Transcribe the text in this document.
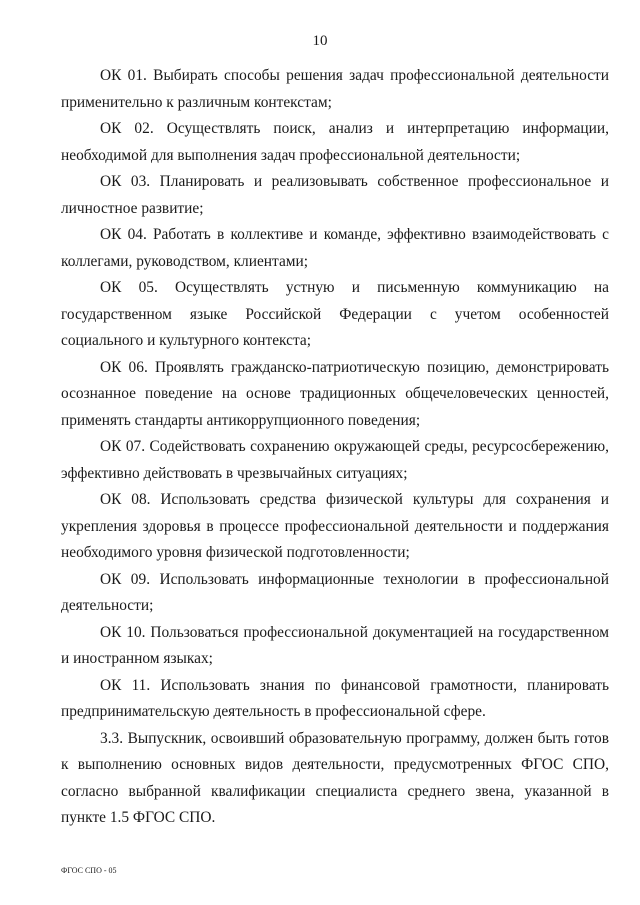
10

ОК 01. Выбирать способы решения задач профессиональной деятельности применительно к различным контекстам;

ОК 02. Осуществлять поиск, анализ и интерпретацию информации, необходимой для выполнения задач профессиональной деятельности;

ОК 03. Планировать и реализовывать собственное профессиональное и личностное развитие;

ОК 04. Работать в коллективе и команде, эффективно взаимодействовать с коллегами, руководством, клиентами;

ОК 05. Осуществлять устную и письменную коммуникацию на государственном языке Российской Федерации с учетом особенностей социального и культурного контекста;

ОК 06. Проявлять гражданско-патриотическую позицию, демонстрировать осознанное поведение на основе традиционных общечеловеческих ценностей, применять стандарты антикоррупционного поведения;

ОК 07. Содействовать сохранению окружающей среды, ресурсосбережению, эффективно действовать в чрезвычайных ситуациях;

ОК 08. Использовать средства физической культуры для сохранения и укрепления здоровья в процессе профессиональной деятельности и поддержания необходимого уровня физической подготовленности;

ОК 09. Использовать информационные технологии в профессиональной деятельности;

ОК 10. Пользоваться профессиональной документацией на государственном и иностранном языках;

ОК 11. Использовать знания по финансовой грамотности, планировать предпринимательскую деятельность в профессиональной сфере.

3.3. Выпускник, освоивший образовательную программу, должен быть готов к выполнению основных видов деятельности, предусмотренных ФГОС СПО, согласно выбранной квалификации специалиста среднего звена, указанной в пункте 1.5 ФГОС СПО.

ФГОС СПО - 05
